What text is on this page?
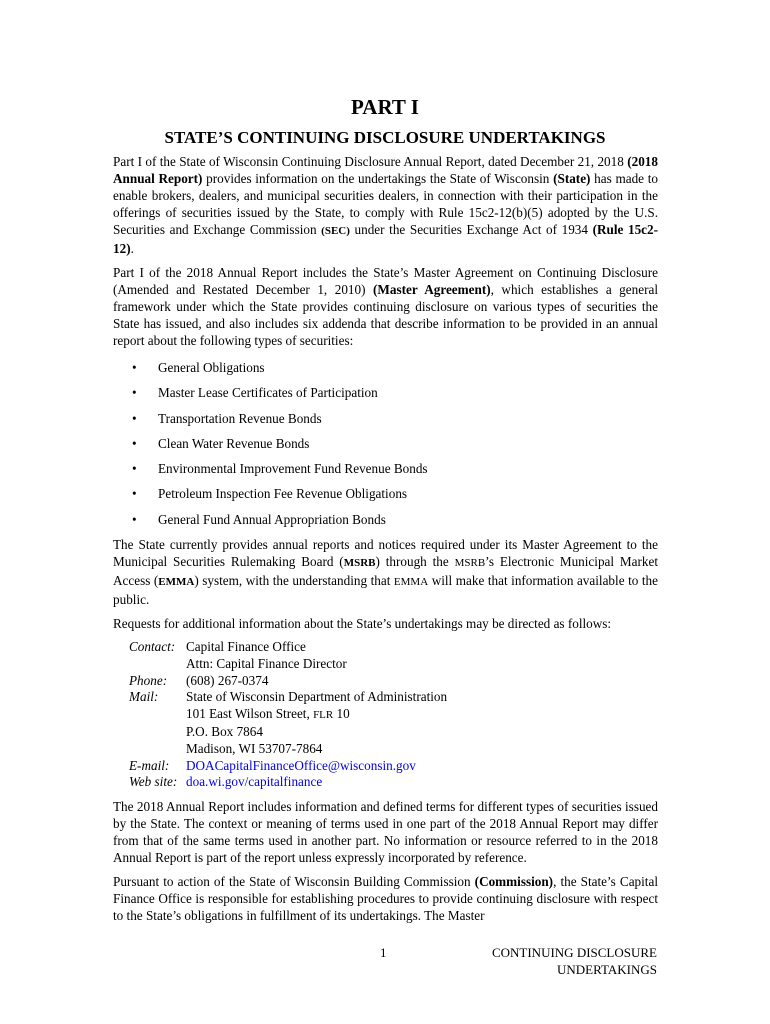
PART I
STATE’S CONTINUING DISCLOSURE UNDERTAKINGS

Part I of the State of Wisconsin Continuing Disclosure Annual Report, dated December 21, 2018 (2018 Annual Report) provides information on the undertakings the State of Wisconsin (State) has made to enable brokers, dealers, and municipal securities dealers, in connection with their participation in the offerings of securities issued by the State, to comply with Rule 15c2-12(b)(5) adopted by the U.S. Securities and Exchange Commission (SEC) under the Securities Exchange Act of 1934 (Rule 15c2-12).

Part I of the 2018 Annual Report includes the State’s Master Agreement on Continuing Disclosure (Amended and Restated December 1, 2010) (Master Agreement), which establishes a general framework under which the State provides continuing disclosure on various types of securities the State has issued, and also includes six addenda that describe information to be provided in an annual report about the following types of securities:

• General Obligations
• Master Lease Certificates of Participation
• Transportation Revenue Bonds
• Clean Water Revenue Bonds
• Environmental Improvement Fund Revenue Bonds
• Petroleum Inspection Fee Revenue Obligations
• General Fund Annual Appropriation Bonds

The State currently provides annual reports and notices required under its Master Agreement to the Municipal Securities Rulemaking Board (MSRB) through the MSRB’s Electronic Municipal Market Access (EMMA) system, with the understanding that EMMA will make that information available to the public.

Requests for additional information about the State’s undertakings may be directed as follows:

Contact: Capital Finance Office
Attn: Capital Finance Director
Phone:	(608) 267-0374
Mail:	State of Wisconsin Department of Administration
101 East Wilson Street, FLR 10
P.O. Box 7864
Madison, WI 53707-7864
E-mail:	DOACapitalFinanceOffice@wisconsin.gov
Web site: doa.wi.gov/capitalfinance

The 2018 Annual Report includes information and defined terms for different types of securities issued by the State. The context or meaning of terms used in one part of the 2018 Annual Report may differ from that of the same terms used in another part. No information or resource referred to in the 2018 Annual Report is part of the report unless expressly incorporated by reference.

Pursuant to action of the State of Wisconsin Building Commission (Commission), the State’s Capital Finance Office is responsible for establishing procedures to provide continuing disclosure with respect to the State’s obligations in fulfillment of its undertakings. The Master

1	CONTINUING DISCLOSURE
UNDERTAKINGS
